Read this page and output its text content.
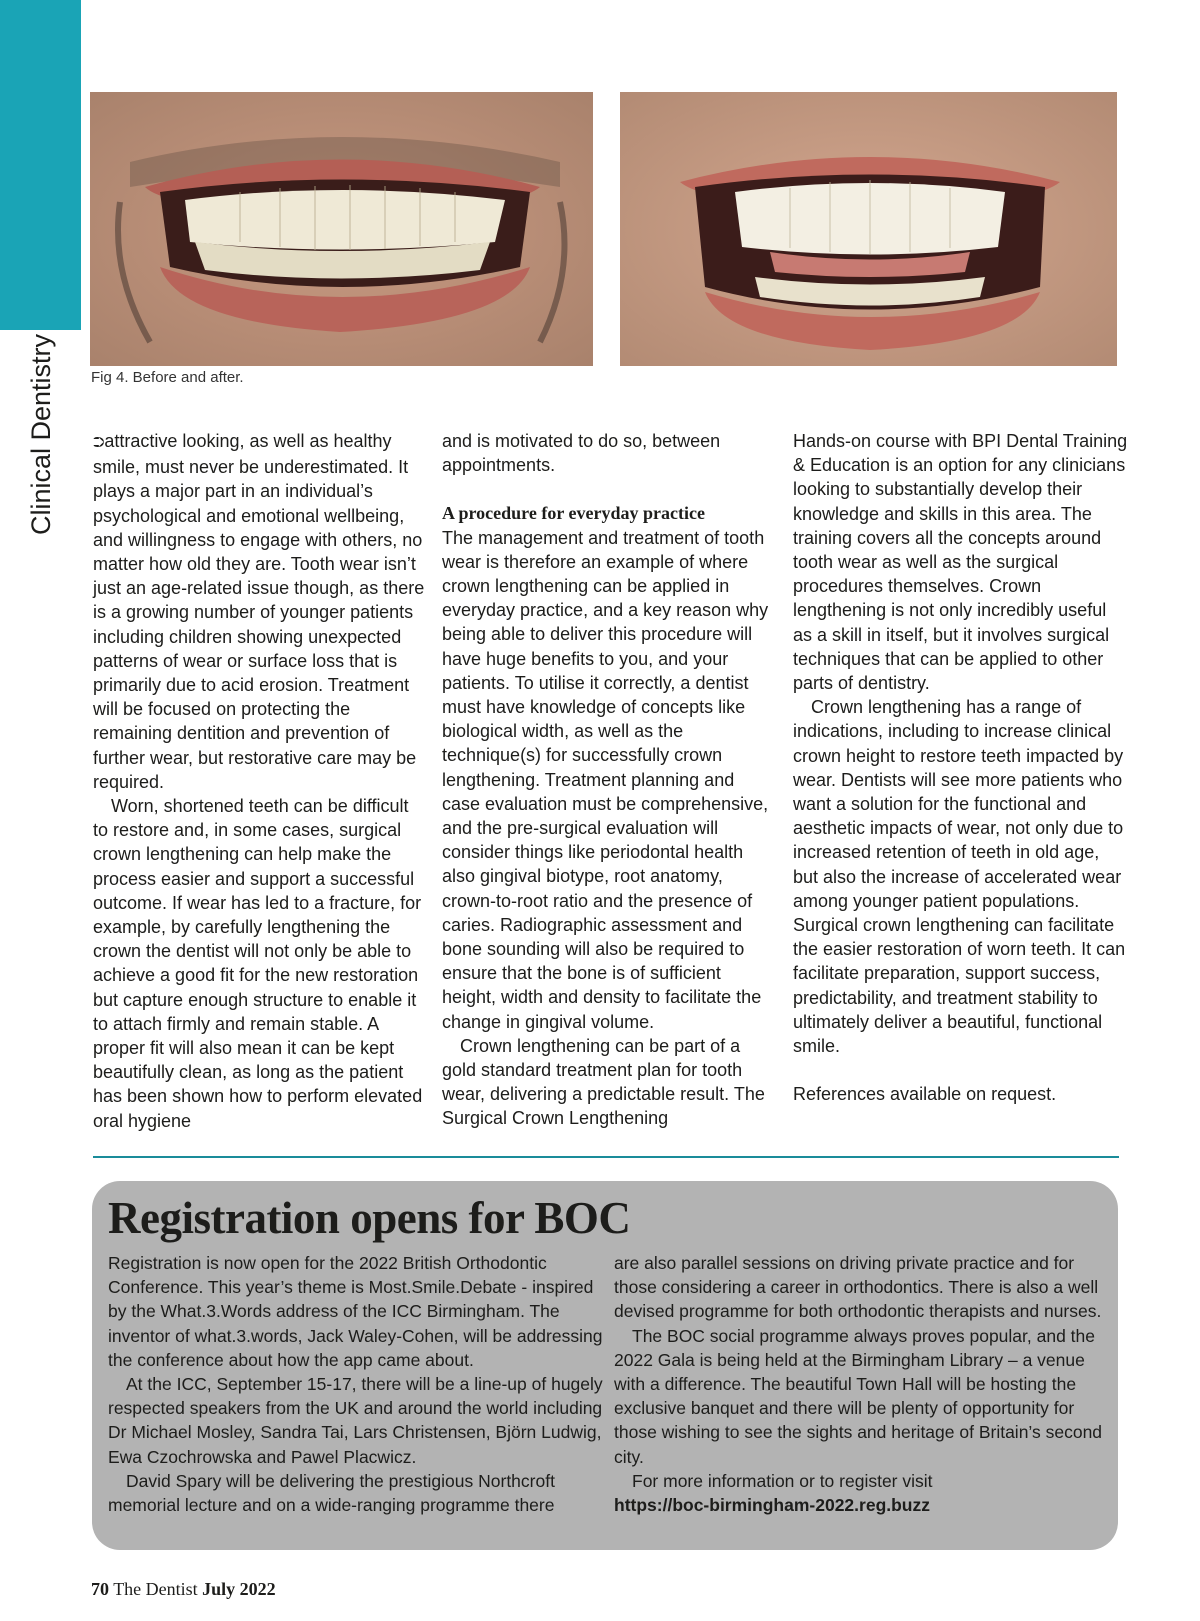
Clinical Dentistry	Fig 4. Before and after.

⮊attractive looking, as well as healthy smile, must never be underestimated. It plays a major part in an individual’s psychological and emotional wellbeing, and willingness to engage with others, no matter how old they are. Tooth wear isn’t just an age-related issue though, as there is a growing number of younger patients including children showing unexpected patterns of wear or surface loss that is primarily due to acid erosion. Treatment will be focused on protecting the remaining dentition and prevention of further wear, but restorative care may be required.

Worn, shortened teeth can be difficult to restore and, in some cases, surgical crown lengthening can help make the process easier and support a successful outcome. If wear has led to a fracture, for example, by carefully lengthening the crown the dentist will not only be able to achieve a good fit for the new restoration but capture enough structure to enable it to attach firmly and remain stable. A proper fit will also mean it can be kept beautifully clean, as long as the patient has been shown how to perform elevated oral hygiene

and is motivated to do so, between appointments.

A procedure for everyday practice

The management and treatment of tooth wear is therefore an example of where crown lengthening can be applied in everyday practice, and a key reason why being able to deliver this procedure will have huge benefits to you, and your patients. To utilise it correctly, a dentist must have knowledge of concepts like biological width, as well as the technique(s) for successfully crown lengthening. Treatment planning and case evaluation must be comprehensive, and the pre-surgical evaluation will consider things like periodontal health also gingival biotype, root anatomy, crown-to-root ratio and the presence of caries. Radiographic assessment and bone sounding will also be required to ensure that the bone is of sufficient height, width and density to facilitate the change in gingival volume.

Crown lengthening can be part of a gold standard treatment plan for tooth wear, delivering a predictable result. The Surgical Crown Lengthening

Hands-on course with BPI Dental Training & Education is an option for any clinicians looking to substantially develop their knowledge and skills in this area. The training covers all the concepts around tooth wear as well as the surgical procedures themselves. Crown lengthening is not only incredibly useful as a skill in itself, but it involves surgical techniques that can be applied to other parts of dentistry.

Crown lengthening has a range of indications, including to increase clinical crown height to restore teeth impacted by wear. Dentists will see more patients who want a solution for the functional and aesthetic impacts of wear, not only due to increased retention of teeth in old age, but also the increase of accelerated wear among younger patient populations. Surgical crown lengthening can facilitate the easier restoration of worn teeth. It can facilitate preparation, support success, predictability, and treatment stability to ultimately deliver a beautiful, functional smile.

References available on request.

Registration opens for BOC

Registration is now open for the 2022 British Orthodontic Conference. This year’s theme is Most.Smile.Debate - inspired by the What.3.Words address of the ICC Birmingham. The inventor of what.3.words, Jack Waley-Cohen, will be addressing the conference about how the app came about.

At the ICC, September 15-17, there will be a line-up of hugely respected speakers from the UK and around the world including Dr Michael Mosley, Sandra Tai, Lars Christensen, Björn Ludwig, Ewa Czochrowska and Pawel Placwicz.

David Spary will be delivering the prestigious Northcroft memorial lecture and on a wide-ranging programme there

are also parallel sessions on driving private practice and for those considering a career in orthodontics. There is also a well devised programme for both orthodontic therapists and nurses.

The BOC social programme always proves popular, and the 2022 Gala is being held at the Birmingham Library – a venue with a difference. The beautiful Town Hall will be hosting the exclusive banquet and there will be plenty of opportunity for those wishing to see the sights and heritage of Britain’s second city.

For more information or to register visit

https://boc-birmingham-2022.reg.buzz

70 The Dentist July 2022
